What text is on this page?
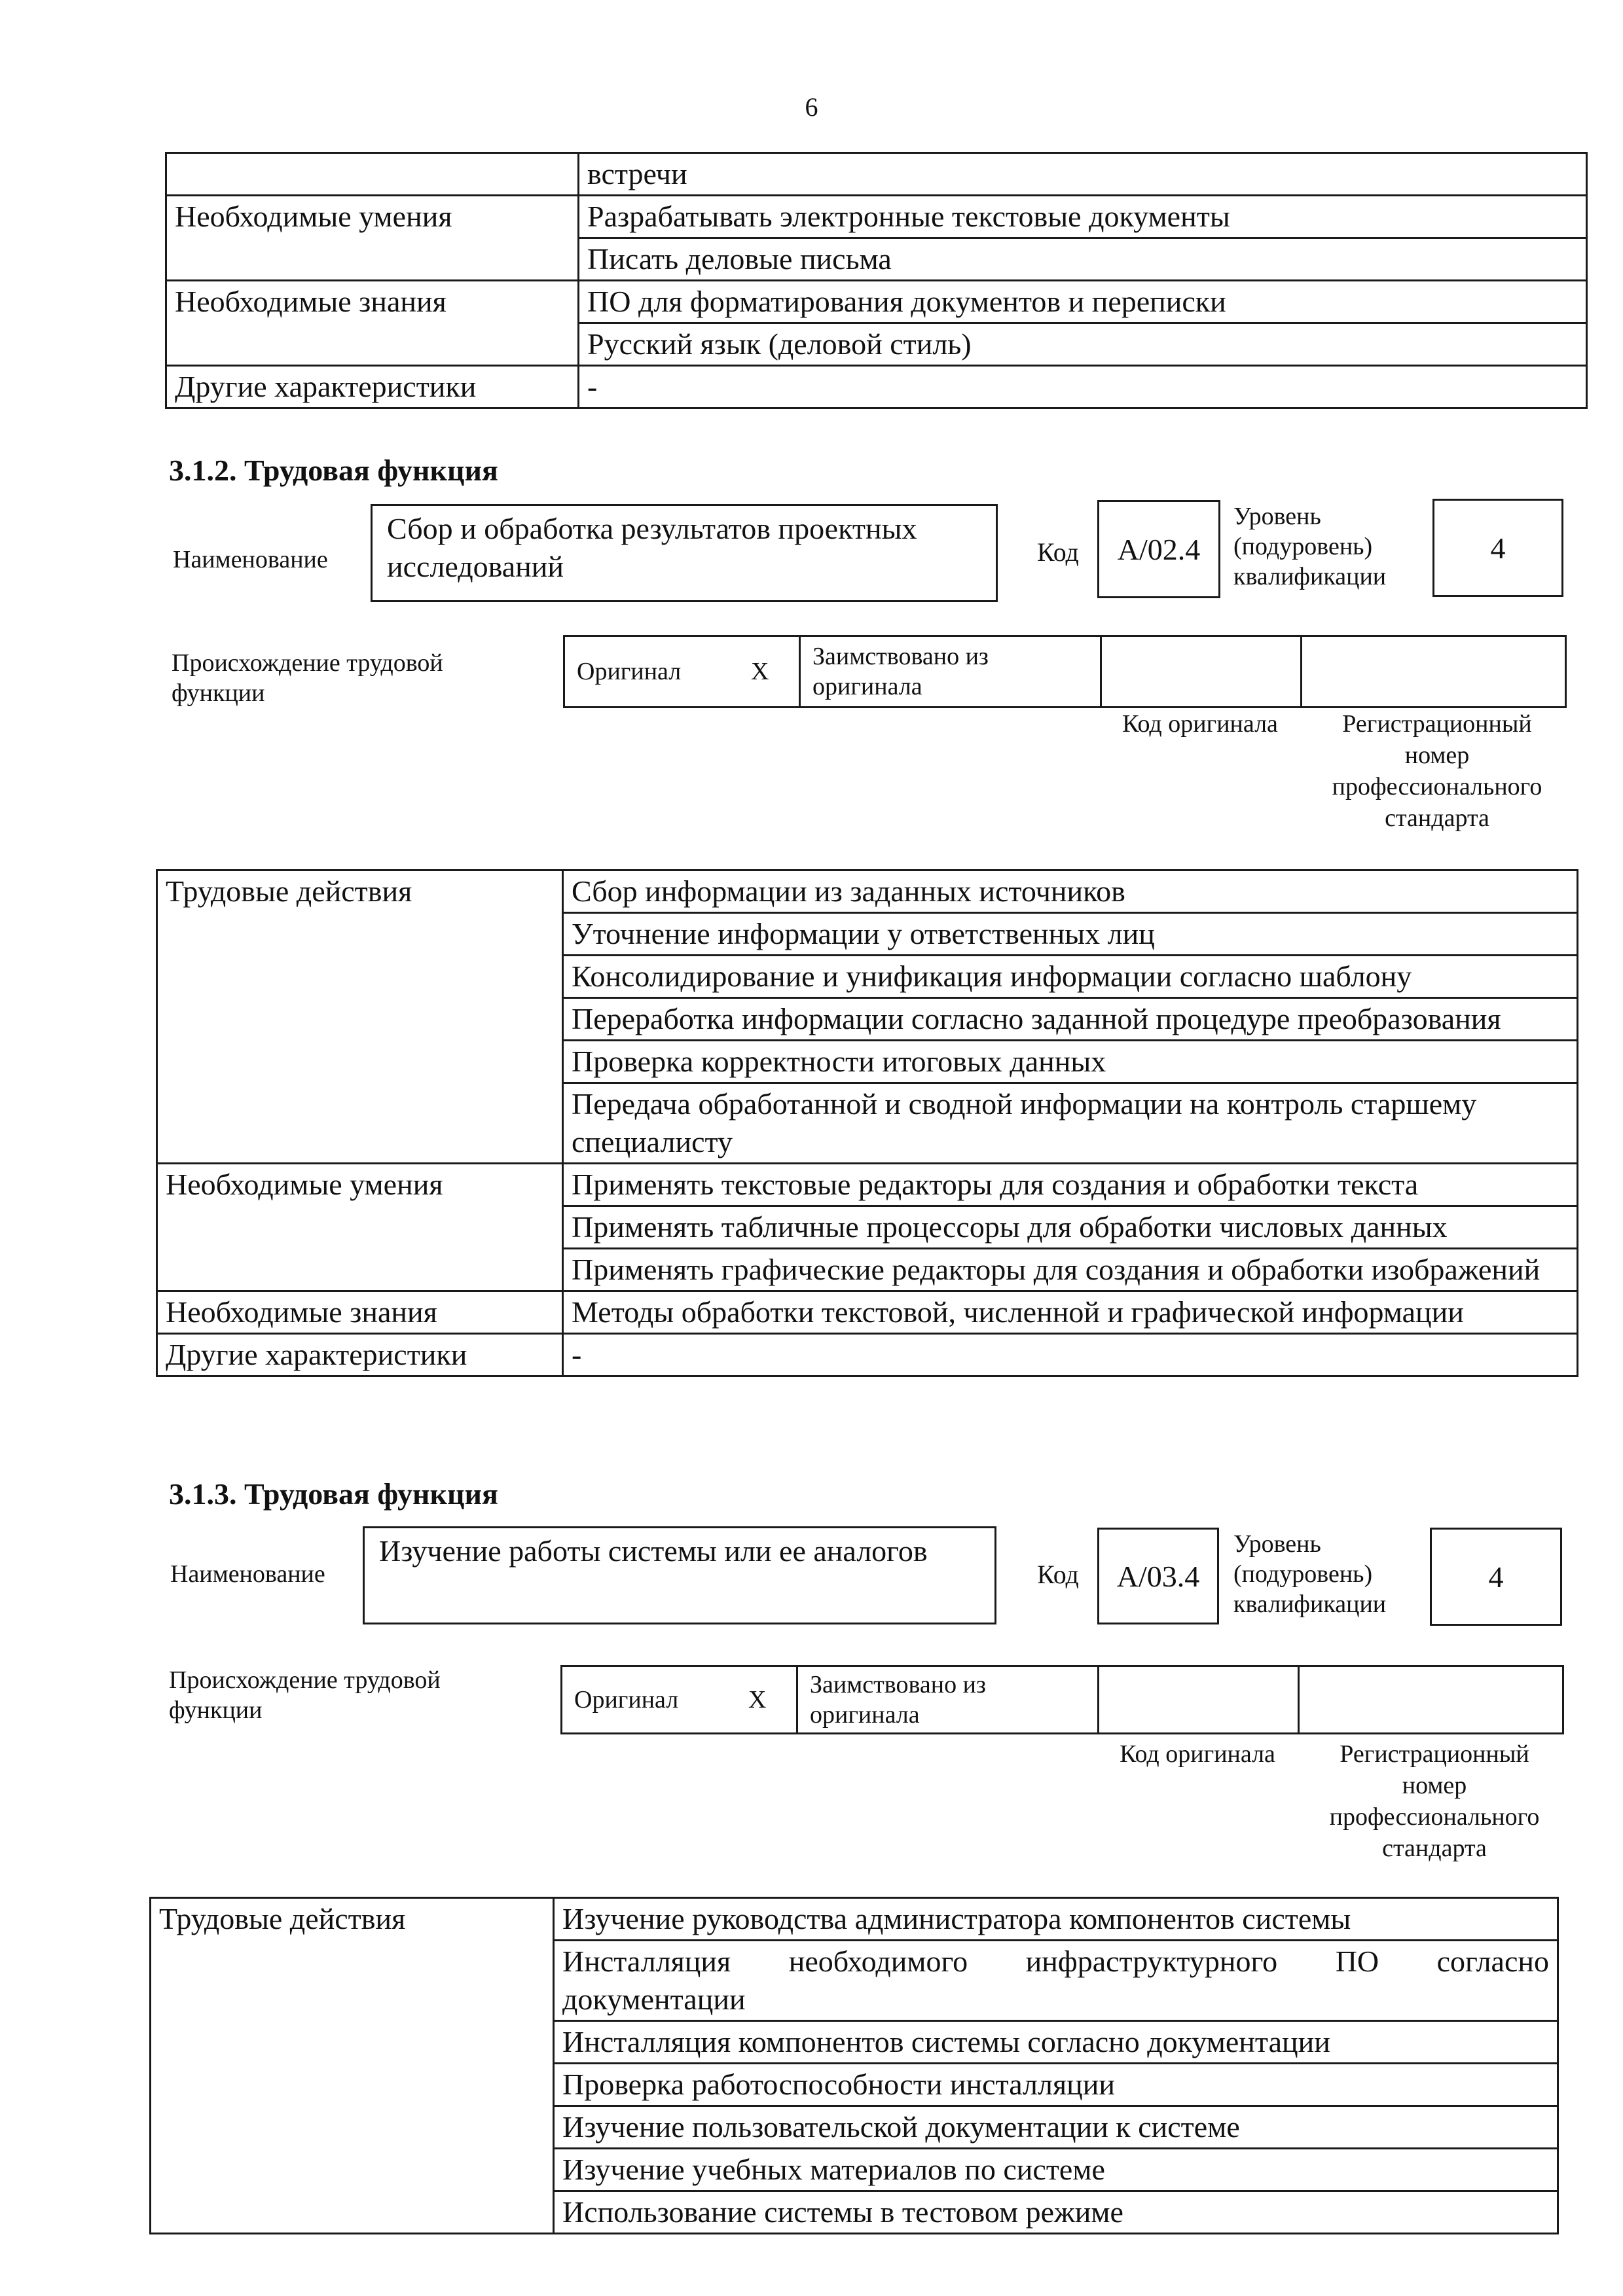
6
	встречи
Необходимые умения	Разрабатывать электронные текстовые документы
	Писать деловые письма
Необходимые знания	ПО для форматирования документов и переписки
	Русский язык (деловой стиль)
Другие характеристики	-
3.1.2. Трудовая функция
Наименование
Сбор и обработка результатов проектных исследований	Код A/02.4
Уровень (подуровень) квалификации
4
Происхождение трудовой функции
Оригинал	X	Заимствовано из оригинала		
Код оригинала	Регистрационный номер профессионального стандарта
Трудовые действия	Сбор информации из заданных источников
	Уточнение информации у ответственных лиц
	Консолидирование и унификация информации согласно шаблону
	Переработка информации согласно заданной процедуре преобразования
	Проверка корректности итоговых данных
	Передача обработанной и сводной информации на контроль старшему специалисту
Необходимые умения	Применять текстовые редакторы для создания и обработки текста
	Применять табличные процессоры для обработки числовых данных
	Применять графические редакторы для создания и обработки изображений
Необходимые знания	Методы обработки текстовой, численной и графической информации
Другие характеристики	-
3.1.3. Трудовая функция
Наименование
Изучение работы системы или ее аналогов
Код A/03.4
Уровень (подуровень) квалификации
4
Происхождение трудовой функции	Оригинал	X	Заимствовано из оригинала		
Код оригинала	Регистрационный номер профессионального стандарта
Трудовые действия	Изучение руководства администратора компонентов системы

	Инсталляция необходимого инфраструктурного ПО согласно
документации

	Инсталляция компонентов системы согласно документации
	Проверка работоспособности инсталляции
	Изучение пользовательской документации к системе
	Изучение учебных материалов по системе
	Использование системы в тестовом режиме
